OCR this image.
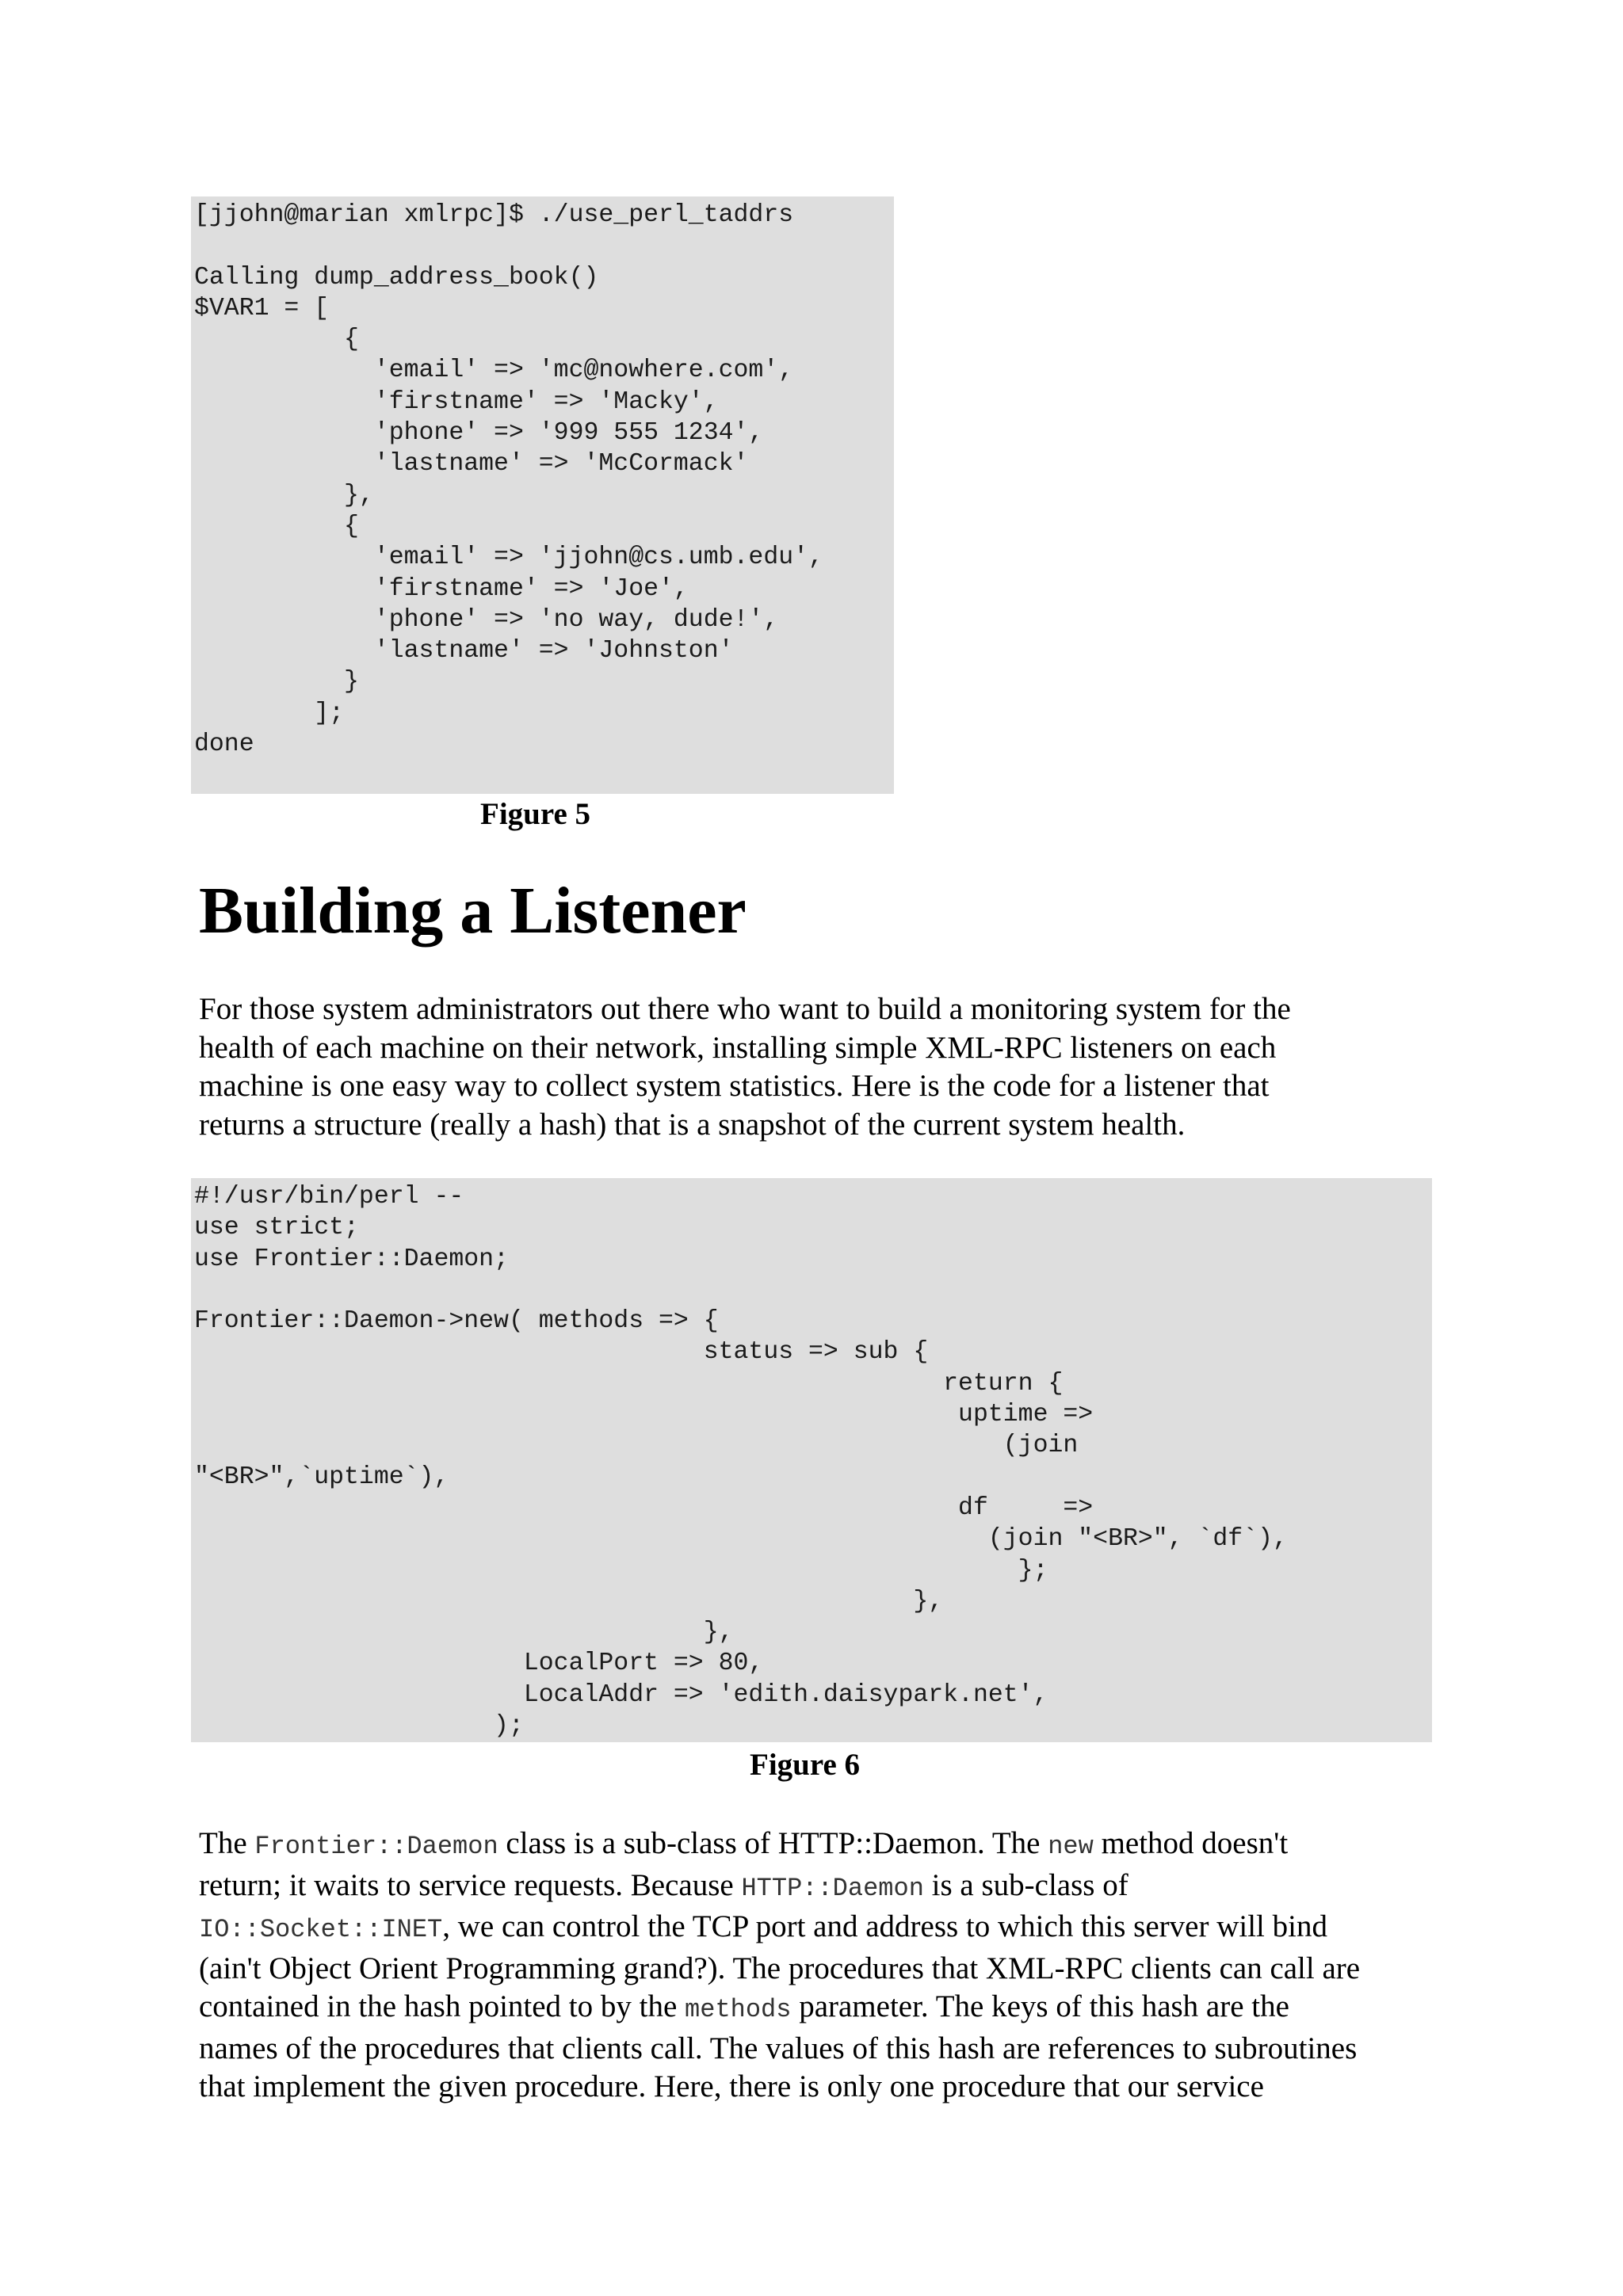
[jjohn@marian xmlrpc]$ ./use_perl_taddrs

Calling dump_address_book()
$VAR1 = [
{
'email' => 'mc@nowhere.com',
'firstname' => 'Macky',
'phone' => '999 555 1234',
'lastname' => 'McCormack'
},
{
'email' => 'jjohn@cs.umb.edu',
'firstname' => 'Joe',
'phone' => 'no way, dude!',
'lastname' => 'Johnston'
}
];
done

Figure 5

Building a Listener

For those system administrators out there who want to build a monitoring system for the
health of each machine on their network, installing simple XML-RPC listeners on each
machine is one easy way to collect system statistics. Here is the code for a listener that
returns a structure (really a hash) that is a snapshot of the current system health.

#!/usr/bin/perl --
use strict;
use Frontier::Daemon;

Frontier::Daemon->new( methods => {
status => sub {
return {
uptime =>
(join
"<BR>",`uptime`),
df     =>
(join "<BR>", `df`),
};
},
},
LocalPort => 80,
LocalAddr => 'edith.daisypark.net',
);

Figure 6

The Frontier::Daemon class is a sub-class of HTTP::Daemon. The new method doesn't
return; it waits to service requests. Because HTTP::Daemon is a sub-class of
IO::Socket::INET, we can control the TCP port and address to which this server will bind
(ain't Object Orient Programming grand?). The procedures that XML-RPC clients can call are
contained in the hash pointed to by the methods parameter. The keys of this hash are the
names of the procedures that clients call. The values of this hash are references to subroutines
that implement the given procedure. Here, there is only one procedure that our service
